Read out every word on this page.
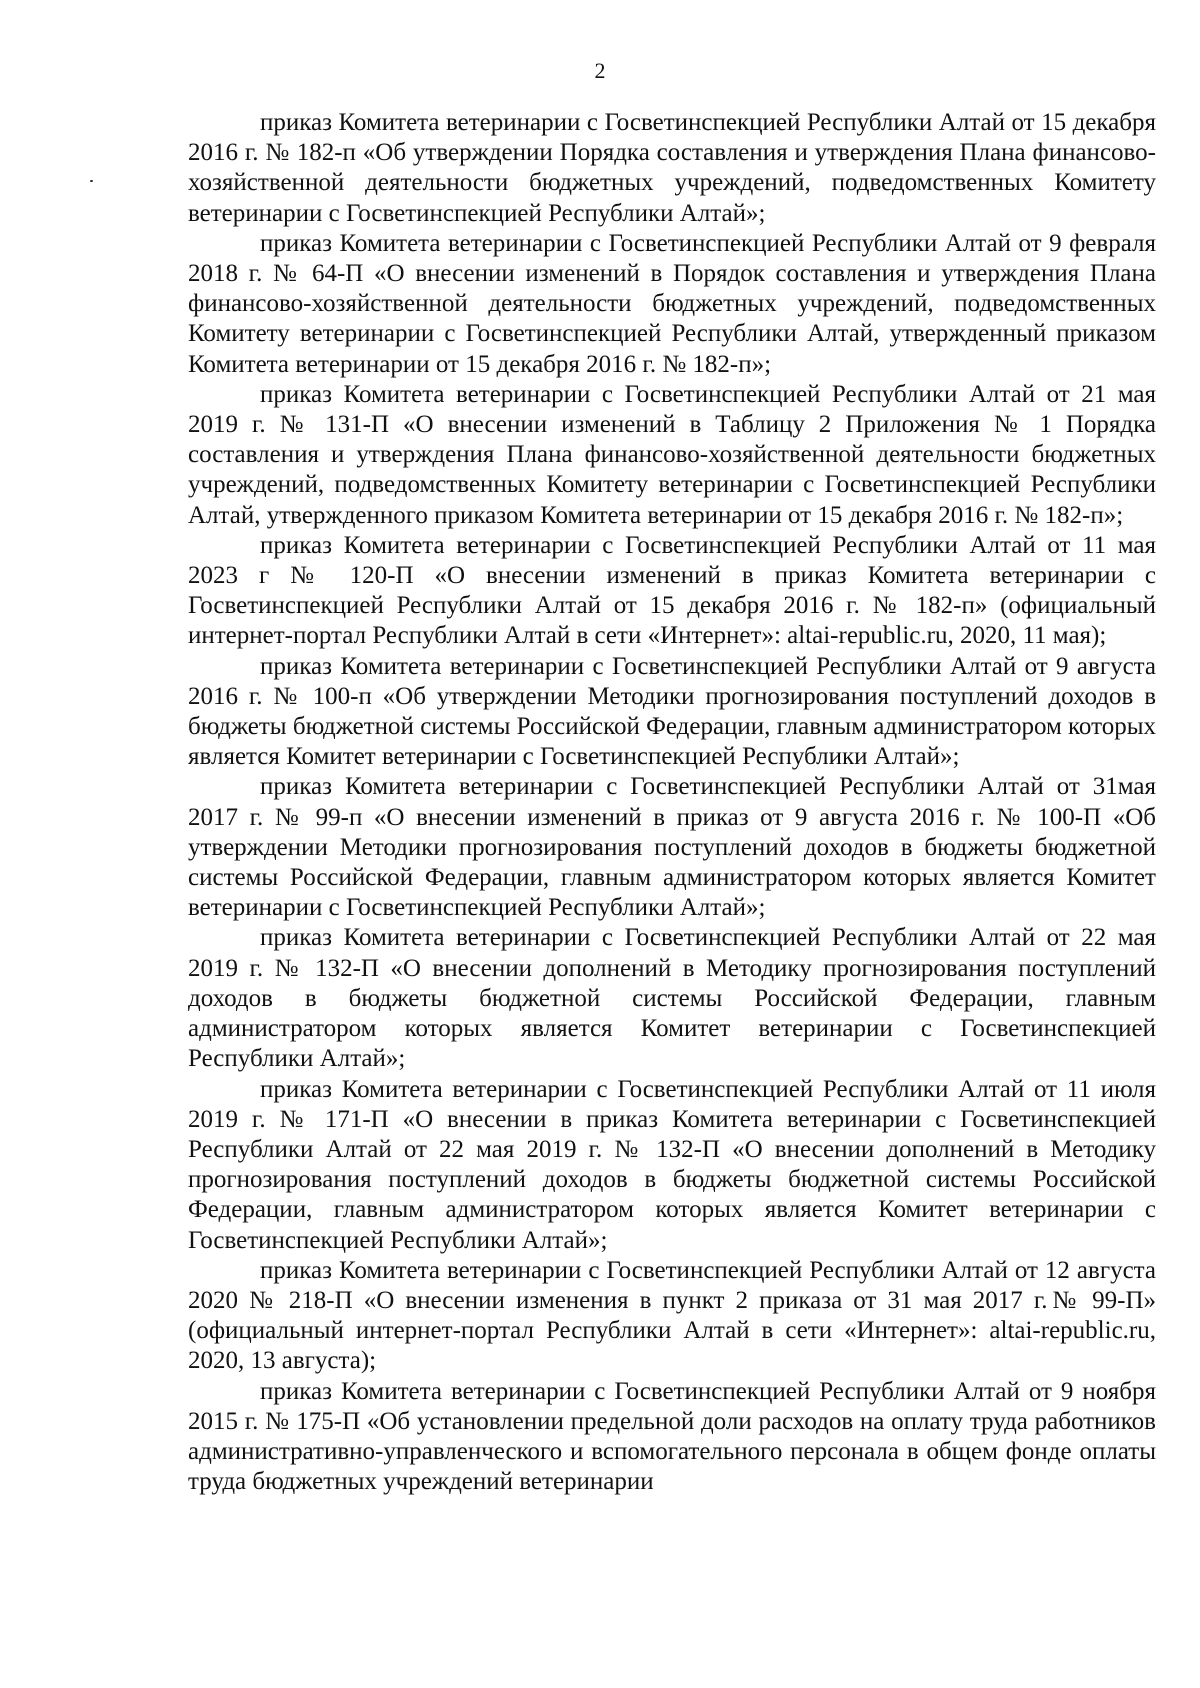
2

приказ Комитета ветеринарии с Госветинспекцией Республики Алтай от 15 декабря 2016 г. № 182-п «Об утверждении Порядка составления и утверждения Плана финансово-хозяйственной деятельности бюджетных учреждений, подведомственных Комитету ветеринарии с Госветинспекцией Республики Алтай»;

приказ Комитета ветеринарии с Госветинспекцией Республики Алтай от 9 февраля 2018 г. № 64-П «О внесении изменений в Порядок составления и утверждения Плана финансово-хозяйственной деятельности бюджетных учреждений, подведомственных Комитету ветеринарии с Госветинспекцией Республики Алтай, утвержденный приказом Комитета ветеринарии от 15 декабря 2016 г. № 182-п»;

приказ Комитета ветеринарии с Госветинспекцией Республики Алтай от 21 мая 2019 г. № 131-П «О внесении изменений в Таблицу 2 Приложения № 1 Порядка составления и утверждения Плана финансово-хозяйственной деятельности бюджетных учреждений, подведомственных Комитету ветеринарии с Госветинспекцией Республики Алтай, утвержденного приказом Комитета ветеринарии от 15 декабря 2016 г. № 182-п»;

приказ Комитета ветеринарии с Госветинспекцией Республики Алтай от 11 мая 2023 г № 120-П «О внесении изменений в приказ Комитета ветеринарии с Госветинспекцией Республики Алтай от 15 декабря 2016 г. № 182-п» (официальный интернет-портал Республики Алтай в сети «Интернет»: altai-republic.ru, 2020, 11 мая);

приказ Комитета ветеринарии с Госветинспекцией Республики Алтай от 9 августа 2016 г. № 100-п «Об утверждении Методики прогнозирования поступлений доходов в бюджеты бюджетной системы Российской Федерации, главным администратором которых является Комитет ветеринарии с Госветинспекцией Республики Алтай»;

приказ Комитета ветеринарии с Госветинспекцией Республики Алтай от 31мая 2017 г. № 99-п «О внесении изменений в приказ от 9 августа 2016 г. № 100-П «Об утверждении Методики прогнозирования поступлений доходов в бюджеты бюджетной системы Российской Федерации, главным администратором которых является Комитет ветеринарии с Госветинспекцией Республики Алтай»;

приказ Комитета ветеринарии с Госветинспекцией Республики Алтай от 22 мая 2019 г. № 132-П «О внесении дополнений в Методику прогнозирования поступлений доходов в бюджеты бюджетной системы Российской Федерации, главным администратором которых является Комитет ветеринарии с Госветинспекцией Республики Алтай»;

приказ Комитета ветеринарии с Госветинспекцией Республики Алтай от 11 июля 2019 г. № 171-П «О внесении в приказ Комитета ветеринарии с Госветинспекцией Республики Алтай от 22 мая 2019 г. № 132-П «О внесении дополнений в Методику прогнозирования поступлений доходов в бюджеты бюджетной системы Российской Федерации, главным администратором которых является Комитет ветеринарии с Госветинспекцией Республики Алтай»;

приказ Комитета ветеринарии с Госветинспекцией Республики Алтай от 12 августа 2020 № 218-П «О внесении изменения в пункт 2 приказа от 31 мая 2017 г.№ 99-П» (официальный интернет-портал Республики Алтай в сети «Интернет»: altai-republic.ru, 2020, 13 августа);

приказ Комитета ветеринарии с Госветинспекцией Республики Алтай от 9 ноября 2015 г. № 175-П «Об установлении предельной доли расходов на оплату труда работников административно-управленческого и вспомогательного персонала в общем фонде оплаты труда бюджетных учреждений ветеринарии
